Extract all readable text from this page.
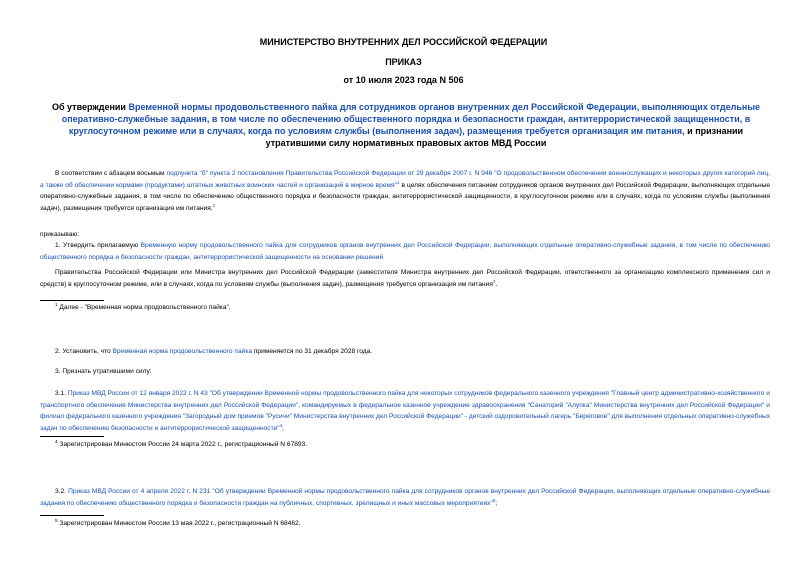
МИНИСТЕРСТВО ВНУТРЕННИХ ДЕЛ РОССИЙСКОЙ ФЕДЕРАЦИИ
ПРИКАЗ
от 10 июля 2023 года N 506

Об утверждении Временной нормы продовольственного пайка для сотрудников органов внутренних дел Российской Федерации, выполняющих отдельные оперативно-служебные задания, в том числе по обеспечению общественного порядка и безопасности граждан, антитеррористической защищенности, в круглосуточном режиме или в случаях, когда по условиям службы (выполнения задач), размещения требуется организация им питания, и признании утратившими силу нормативных правовых актов МВД России

В соответствии с абзацем восьмым подпункта "б" пункта 2 постановления Правительства Российской Федерации от 29 декабря 2007 г. N 946 "О продовольственном обеспечении военнослужащих и некоторых других категорий лиц, а также об обеспечении кормами (продуктами) штатных животных воинских частей и организаций в мирное время"$^1$ в целях обеспечения питанием сотрудников органов внутренних дел Российской Федерации, выполняющих отдельные оперативно-служебные задания, в том числе по обеспечению общественного порядка и безопасности граждан, антитеррористической защищенности, в круглосуточном режиме или в случаях, когда по условиям службы (выполнения задач), размещения требуется организация им питания,$^2$

приказываю:

1. Утвердить прилагаемую Временную норму продовольственного пайка для сотрудников органов внутренних дел Российской Федерации, выполняющих отдельные оперативно-служебные задания, в том числе по обеспечению общественного порядка и безопасности граждан, антитеррористической защищенности на основании решений

Правительства Российской Федерации или Министра внутренних дел Российской Федерации (заместителя Министра внутренних дел Российской Федерации, ответственного за организацию комплексного применения сил и средств) в круглосуточном режиме, или в случаях, когда по условиям службы (выполнения задач), размещения требуется организация им питания$^3$.

$^1$ Далее - "Временная норма продовольственного пайка".

2. Установить, что Временная норма продовольственного пайка применяется по 31 декабря 2028 года.

3. Признать утратившими силу:

3.1. Приказ МВД России от 12 января 2022 г. N 43 "Об утверждении Временной нормы продовольственного пайка для некоторых сотрудников федерального казенного учреждения "Главный центр административно-хозяйственного и транспортного обеспечения Министерства внутренних дел Российской Федерации", командируемых в федеральное казенное учреждение здравоохранения "Санаторий "Алупка" Министерства внутренних дел Российской Федерации" и филиал федерального казенного учреждения "Загородный дом приемов "Русичи" Министерства внутренних дел Российской Федерации" - детский оздоровительный лагерь "Береговое" для выполнения отдельных оперативно-служебных задач по обеспечению безопасности и антитеррористической защищенности"$^4$;

$^4$ Зарегистрирован Минюстом России 24 марта 2022 г., регистрационный N 67893.

3.2. Приказ МВД России от 4 апреля 2022 г. N 231 "Об утверждении Временной нормы продовольственного пайка для сотрудников органов внутренних дел Российской Федерации, выполняющих отдельные оперативно-служебные задания по обеспечению общественного порядка и безопасности граждан на публичных, спортивных, зрелищных и иных массовых мероприятиях"$^5$;

$^5$ Зарегистрирован Минюстом России 13 мая 2022 г., регистрационный N 68462.
